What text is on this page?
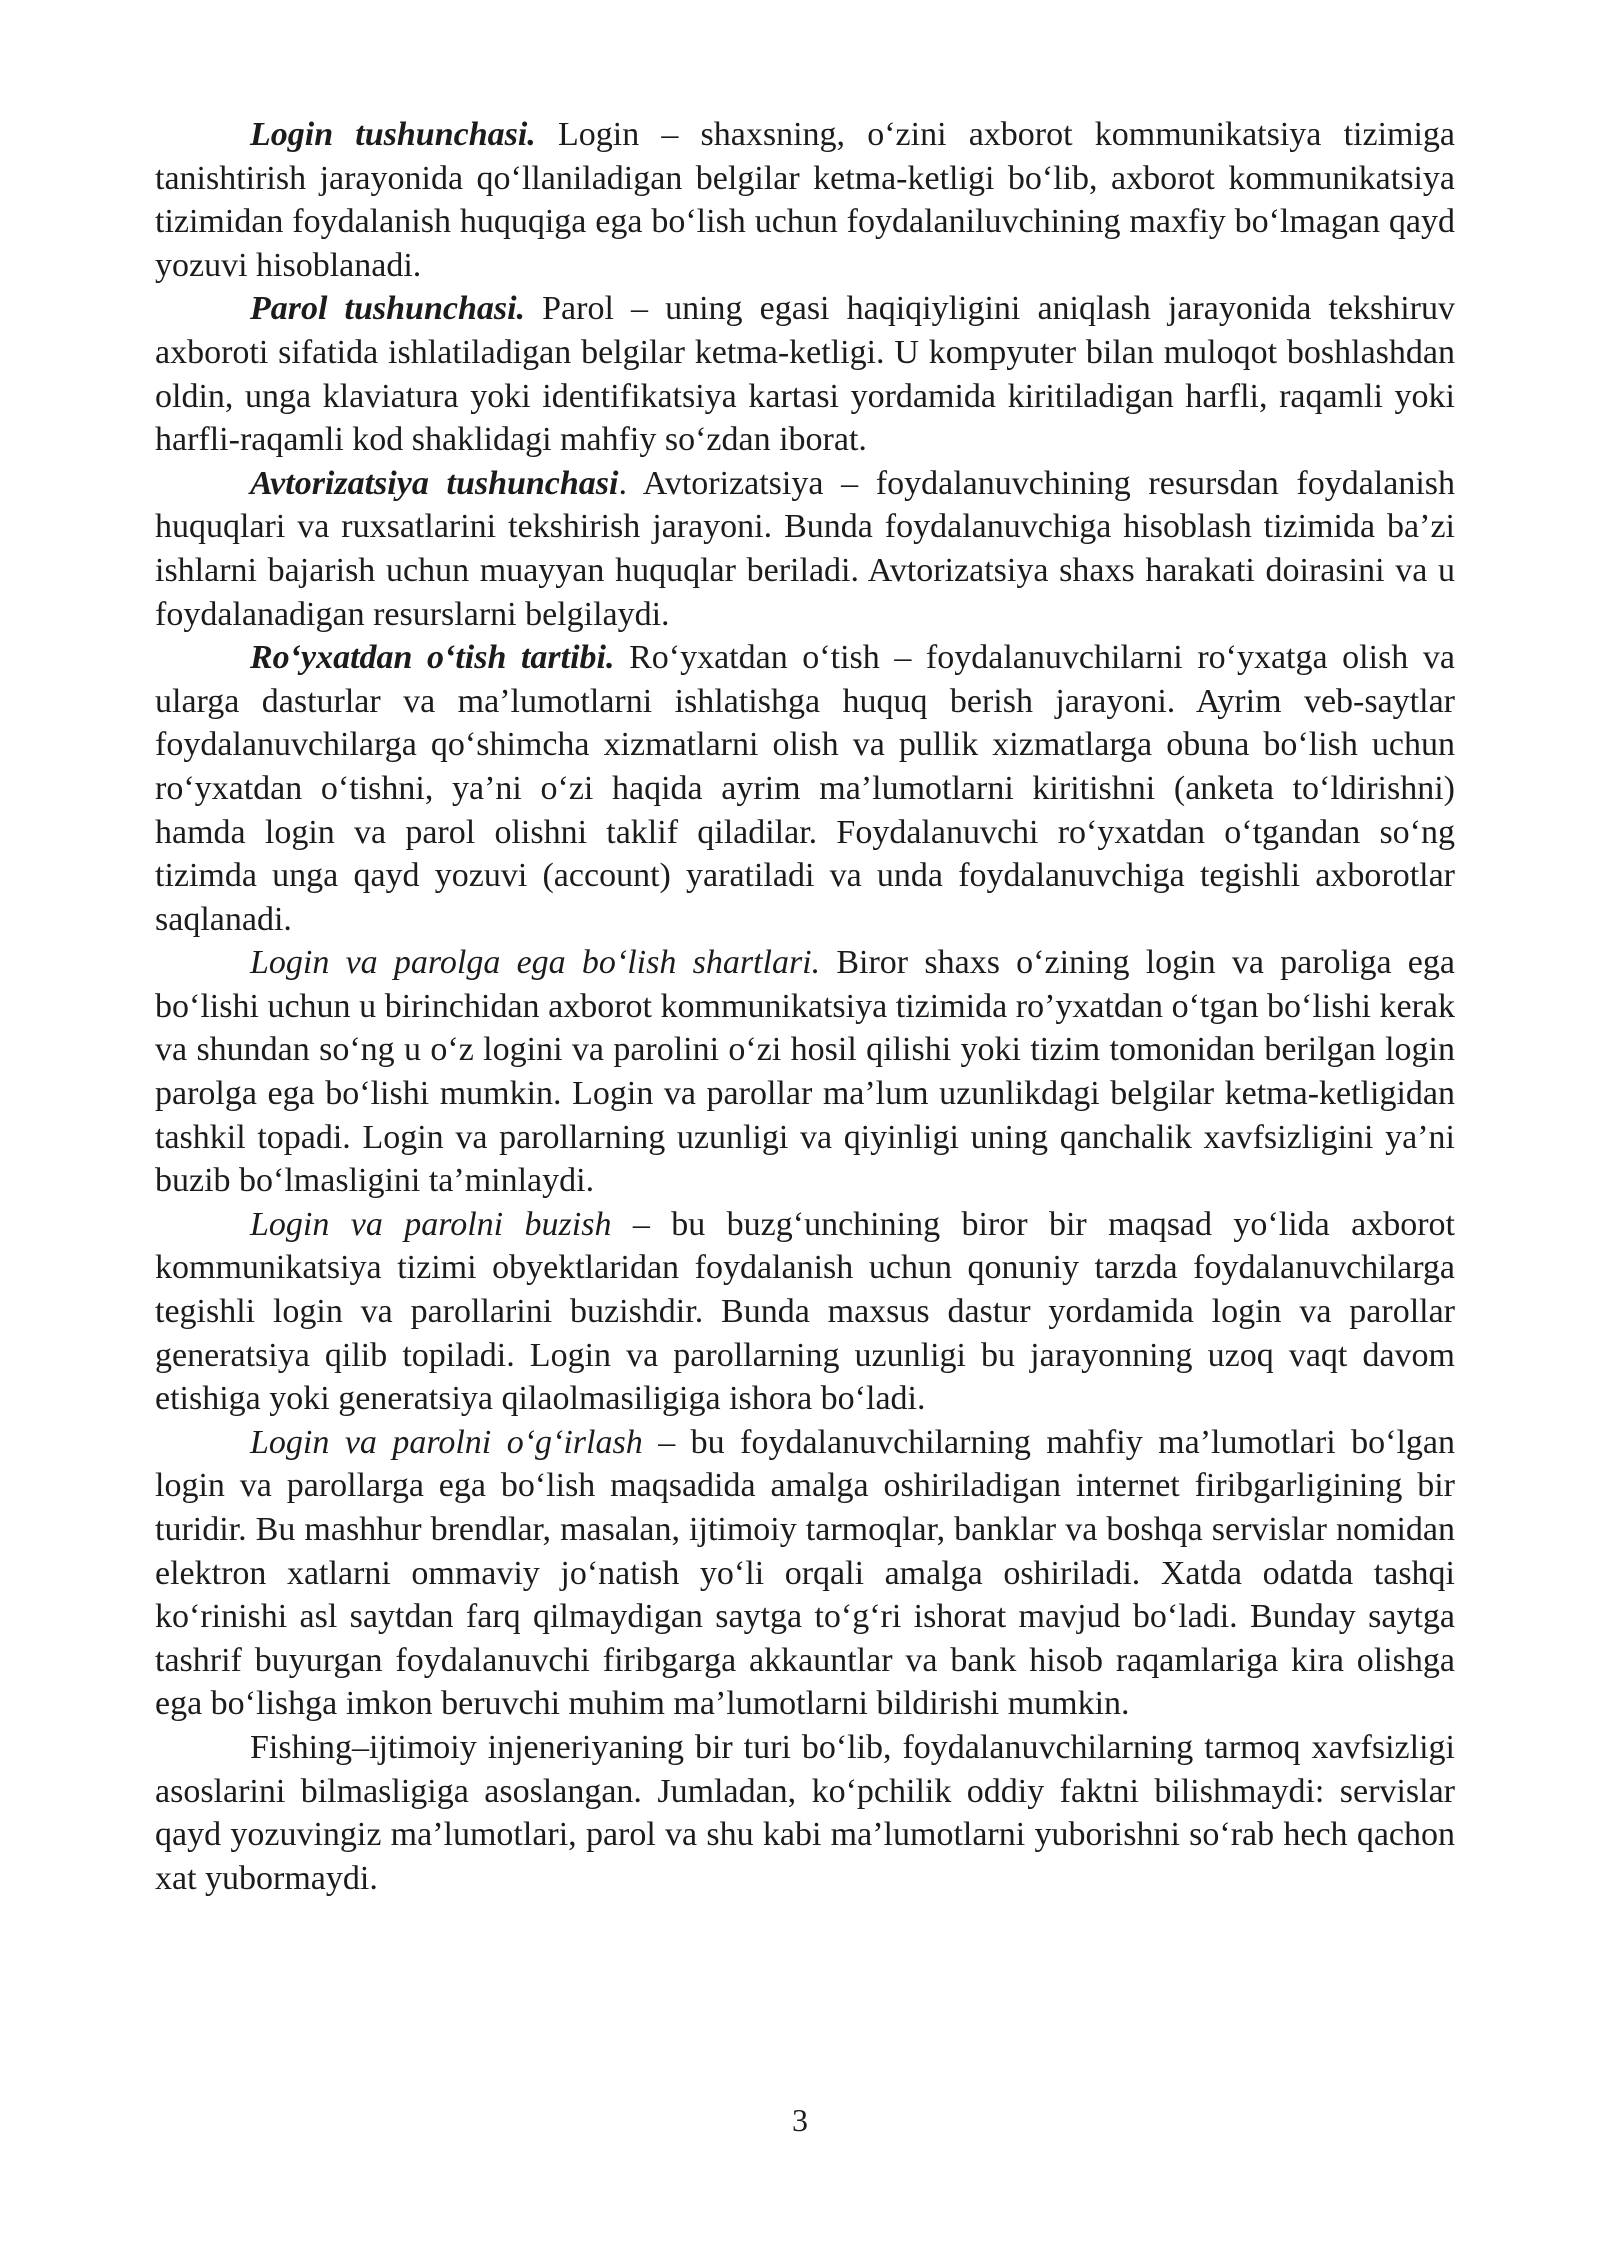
Login tushunchasi. Login – shaxsning, o‘zini axborot kommunikatsiya tizimiga tanishtirish jarayonida qo‘llaniladigan belgilar ketma-ketligi bo‘lib, axborot kommunikatsiya tizimidan foydalanish huquqiga ega bo‘lish uchun foydalaniluvchining maxfiy bo‘lmagan qayd yozuvi hisoblanadi.

Parol tushunchasi. Parol – uning egasi haqiqiyligini aniqlash jarayonida tekshiruv axboroti sifatida ishlatiladigan belgilar ketma-ketligi. U kompyuter bilan muloqot boshlashdan oldin, unga klaviatura yoki identifikatsiya kartasi yordamida kiritiladigan harfli, raqamli yoki harfli-raqamli kod shaklidagi mahfiy so‘zdan iborat.

Avtorizatsiya tushunchasi. Avtorizatsiya – foydalanuvchining resursdan foydalanish huquqlari va ruxsatlarini tekshirish jarayoni. Bunda foydalanuvchiga hisoblash tizimida ba’zi ishlarni bajarish uchun muayyan huquqlar beriladi. Avtorizatsiya shaxs harakati doirasini va u foydalanadigan resurslarni belgilaydi.

Ro‘yxatdan o‘tish tartibi. Ro‘yxatdan o‘tish – foydalanuvchilarni ro‘yxatga olish va ularga dasturlar va ma’lumotlarni ishlatishga huquq berish jarayoni. Ayrim veb-saytlar foydalanuvchilarga qo‘shimcha xizmatlarni olish va pullik xizmatlarga obuna bo‘lish uchun ro‘yxatdan o‘tishni, ya’ni o‘zi haqida ayrim ma’lumotlarni kiritishni (anketa to‘ldirishni) hamda login va parol olishni taklif qiladilar. Foydalanuvchi ro‘yxatdan o‘tgandan so‘ng tizimda unga qayd yozuvi (account) yaratiladi va unda foydalanuvchiga tegishli axborotlar saqlanadi.

Login va parolga ega bo‘lish shartlari. Biror shaxs o‘zining login va paroliga ega bo‘lishi uchun u birinchidan axborot kommunikatsiya tizimida ro’yxatdan o‘tgan bo‘lishi kerak va shundan so‘ng u o‘z logini va parolini o‘zi hosil qilishi yoki tizim tomonidan berilgan login parolga ega bo‘lishi mumkin. Login va parollar ma’lum uzunlikdagi belgilar ketma-ketligidan tashkil topadi. Login va parollarning uzunligi va qiyinligi uning qanchalik xavfsizligini ya’ni buzib bo‘lmasligini ta’minlaydi.

Login va parolni buzish – bu buzg‘unchining biror bir maqsad yo‘lida axborot kommunikatsiya tizimi obyektlaridan foydalanish uchun qonuniy tarzda foydalanuvchilarga tegishli login va parollarini buzishdir. Bunda maxsus dastur yordamida login va parollar generatsiya qilib topiladi. Login va parollarning uzunligi bu jarayonning uzoq vaqt davom etishiga yoki generatsiya qilaolmasiligiga ishora bo‘ladi.

Login va parolni o‘g‘irlash – bu foydalanuvchilarning mahfiy ma’lumotlari bo‘lgan login va parollarga ega bo‘lish maqsadida amalga oshiriladigan internet firibgarligining bir turidir. Bu mashhur brendlar, masalan, ijtimoiy tarmoqlar, banklar va boshqa servislar nomidan elektron xatlarni ommaviy jo‘natish yo‘li orqali amalga oshiriladi. Xatda odatda tashqi ko‘rinishi asl saytdan farq qilmaydigan saytga to‘g‘ri ishorat mavjud bo‘ladi. Bunday saytga tashrif buyurgan foydalanuvchi firibgarga akkauntlar va bank hisob raqamlariga kira olishga ega bo‘lishga imkon beruvchi muhim ma’lumotlarni bildirishi mumkin.

Fishing–ijtimoiy injeneriyaning bir turi bo‘lib, foydalanuvchilarning tarmoq xavfsizligi asoslarini bilmasligiga asoslangan. Jumladan, ko‘pchilik oddiy faktni bilishmaydi: servislar qayd yozuvingiz ma’lumotlari, parol va shu kabi ma’lumotlarni yuborishni so‘rab hech qachon xat yubormaydi.

3
